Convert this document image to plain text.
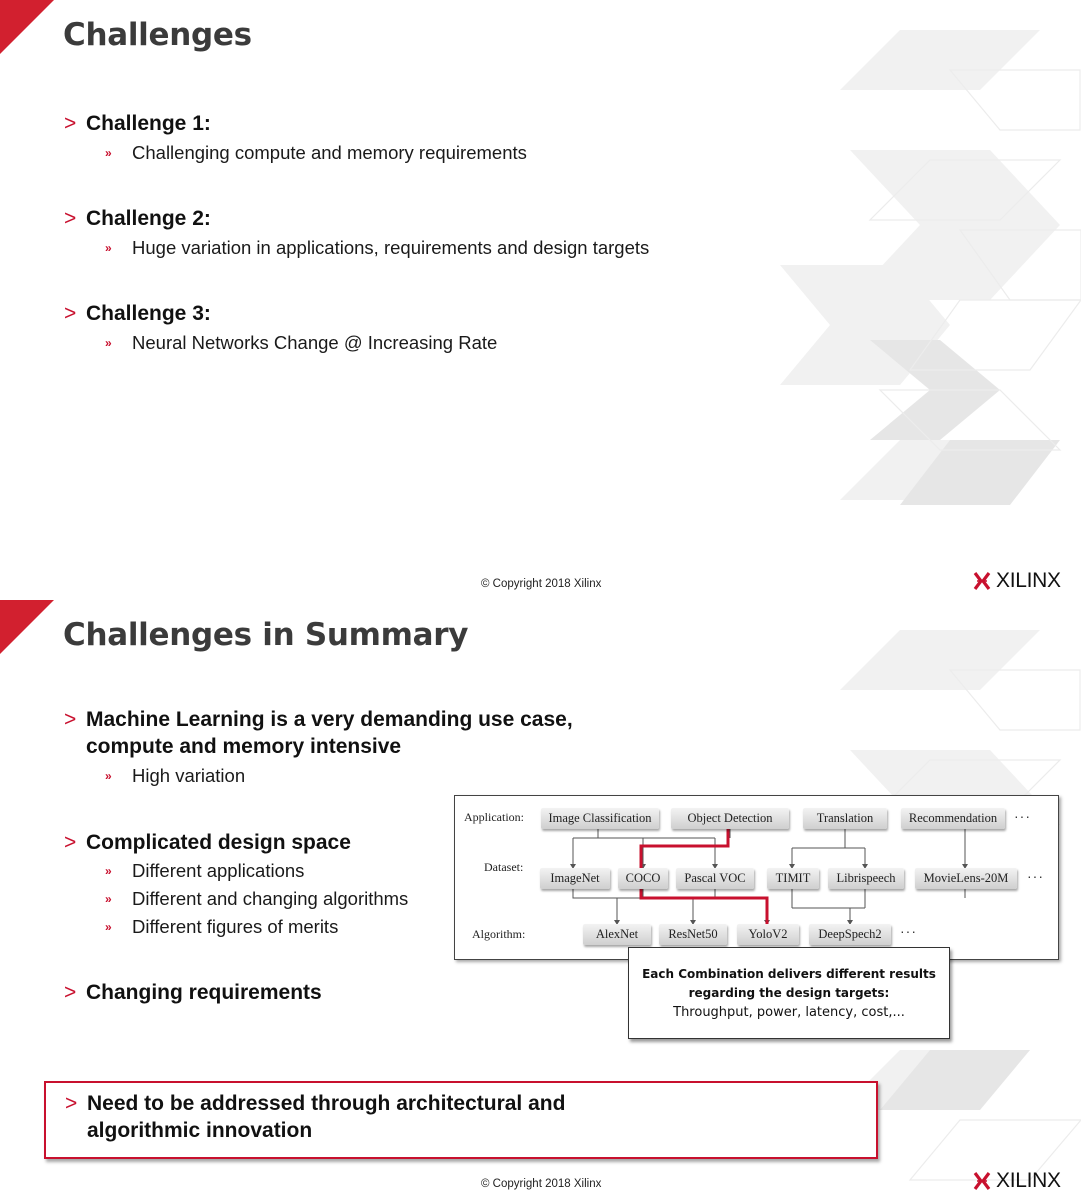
Challenges
> Challenge 1:
» Challenging compute and memory requirements
> Challenge 2:
» Huge variation in applications, requirements and design targets
> Challenge 3:
» Neural Networks Change @ Increasing Rate
© Copyright 2018 Xilinx	XILINX
Challenges in Summary
> Machine Learning is a very demanding use case,
compute and memory intensive
» High variation
> Complicated design space
» Different applications
» Different and changing algorithms
» Different figures of merits
> Changing requirements
Application:
Dataset:
Algorithm:
Image Classification	Object Detection	Translation	Recommendation	···
ImageNet	COCO	Pascal VOC	TIMIT	Librispeech	MovieLens-20M	···
AlexNet	ResNet50	YoloV2	DeepSpech2	···
Each Combination delivers different results
regarding the design targets:
Throughput, power, latency, cost,...
> Need to be addressed through architectural and
algorithmic innovation
© Copyright 2018 Xilinx	XILINX
